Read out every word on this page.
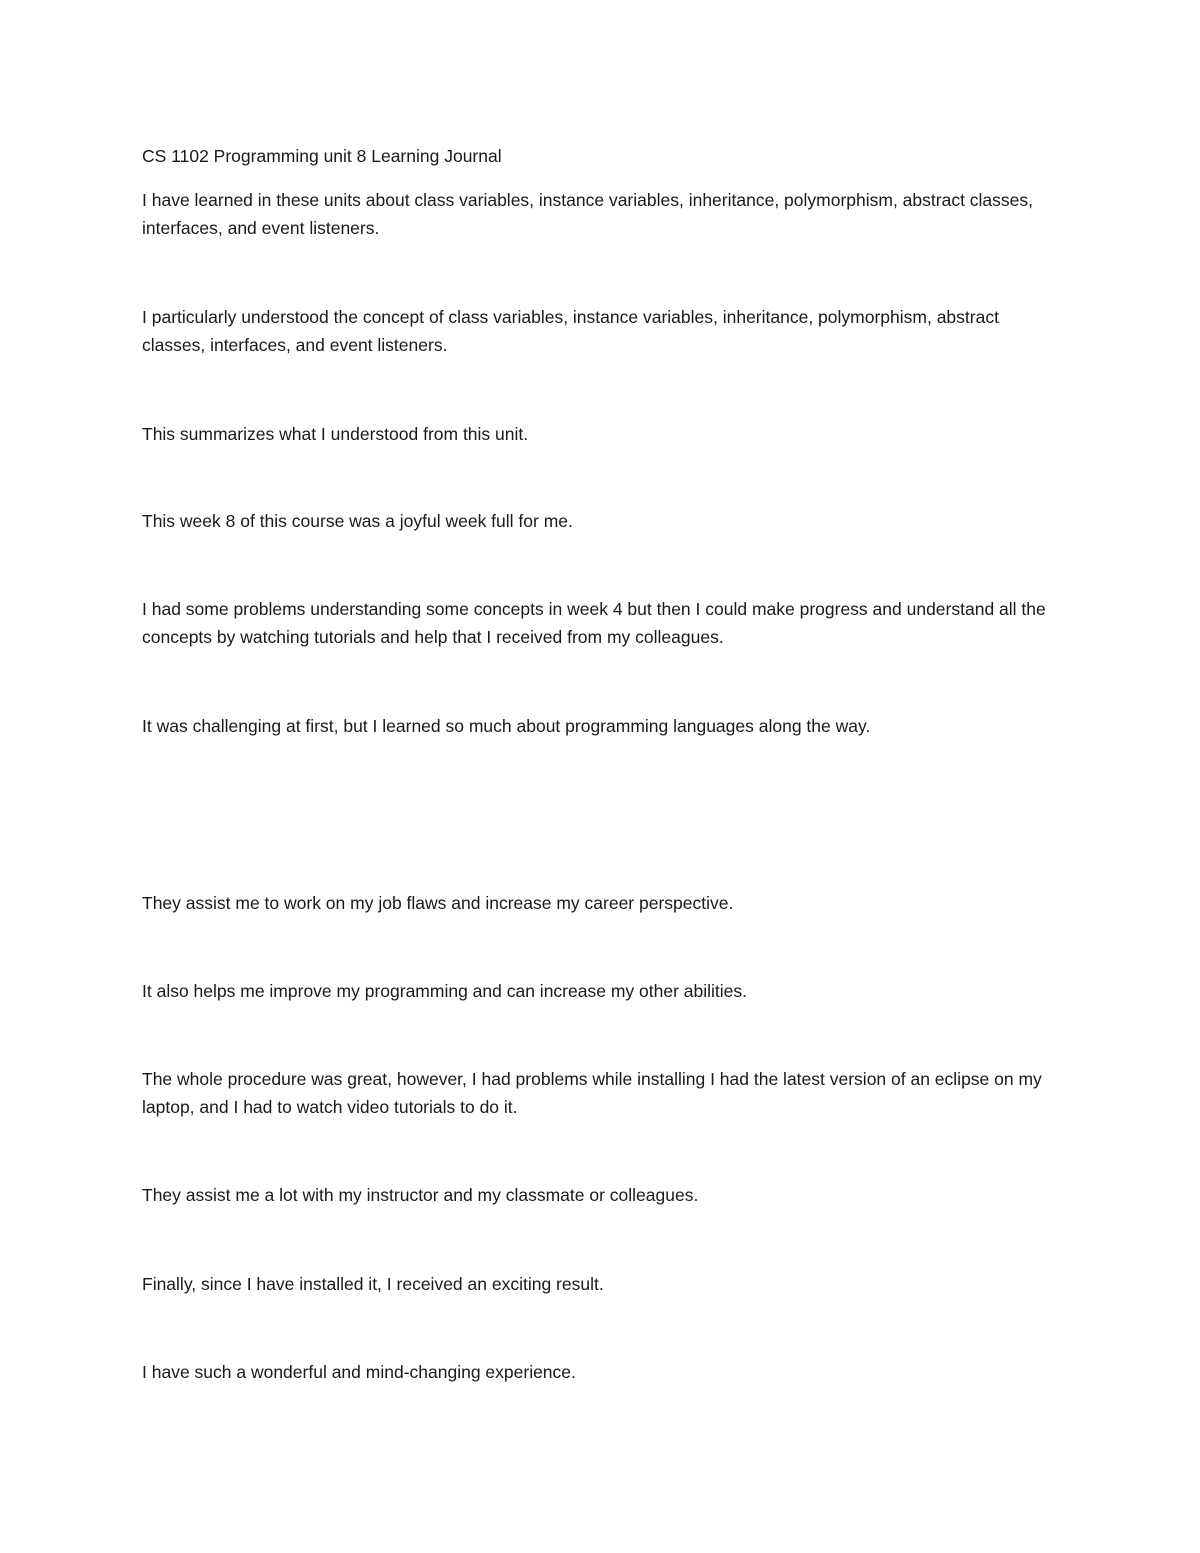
CS 1102 Programming unit 8 Learning Journal

I have learned in these units about class variables, instance variables, inheritance, polymorphism, abstract classes, interfaces, and event listeners.

I particularly understood the concept of class variables, instance variables, inheritance, polymorphism, abstract classes, interfaces, and event listeners.

This summarizes what I understood from this unit.

This week 8 of this course was a joyful week full for me.

I had some problems understanding some concepts in week 4 but then I could make progress and understand all the concepts by watching tutorials and help that I received from my colleagues.

It was challenging at first, but I learned so much about programming languages along the way.

They assist me to work on my job flaws and increase my career perspective.

It also helps me improve my programming and can increase my other abilities.

The whole procedure was great, however, I had problems while installing I had the latest version of an eclipse on my laptop, and I had to watch video tutorials to do it.

They assist me a lot with my instructor and my classmate or colleagues.

Finally, since I have installed it, I received an exciting result.

I have such a wonderful and mind-changing experience.
